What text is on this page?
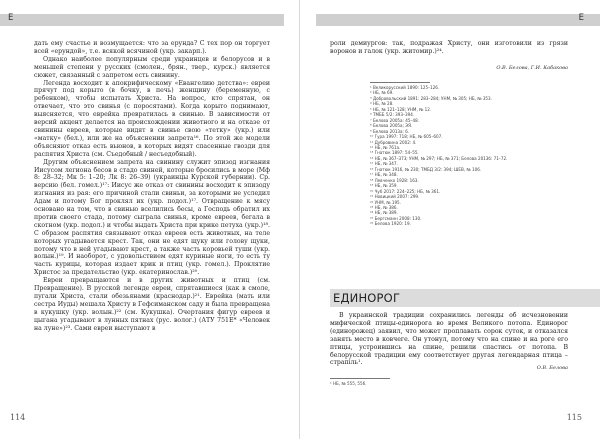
Е

дать ему счастье и возмущается: что за ерунда? С тех пор он торгует всей «ерундой», т.е. всякой всячиной (укр. закарп.).

Однако наиболее популярным среди украинцев и белорусов и в меньшей степени у русских (смолен., брян., твер., курск.) является сюжет, связанный с запретом есть свинину.

Легенда восходит к апокрифическому «Евангелию детства»: евреи прячут под корыто (в бочку, в печь) женщину (беременную, с ребенком), чтобы испытать Христа. На вопрос, кто спрятан, он отвечает, что это свинья (с поросятами). Когда корыто поднимают, выясняется, что еврейка превратилась в свинью. В зависимости от версий акцент делается на происхождении животного и на отказе от свинины евреев, которые видят в свинье свою «тетку» (укр.) или «матку» (бел.), или же на объяснении запрета¹⁶. По этой же модели объясняют отказ есть вьюнов, в которых видят спасенные гвозди для распятия Христа (см. Съедобный / несъедобный).

Другим объяснением запрета на свинину служит эпизод изгнания Иисусом легиона бесов в стадо свиней, которые бросились в море (Мф 8: 28–32; Мк 5: 1–20; Лк 8: 26–39) (украинцы Курской губернии). Ср. версию (бел. гомел.)¹⁷: Иисус же отказ от свинины восходит к эпизоду изгнания из рая: его причиной стали свиньи, за которыми не уследил Адам и потому Бог проклял их (укр. подол.)¹⁷. Отвращение к мясу основано на том, что в свинью вселились бесы, а Господь обратил их против своего стада, потому сыграла свинья, кроме евреев, бегала в скотном (укр. подол.) и чтобы выдать Христа при крике петуха (укр.)¹⁸. С образом распятия связывают отказ евреев есть животных, на теле которых угадывается крест. Так, они не едят щуку или голову щуки, потому что в ней угадывают крест, а также часть коровьей туши (укр. волын.)¹⁹. И наоборот, с удовольствием едят куриные ноги, то есть ту часть курицы, которая издает крик и птиц (укр. гомел.). Проклятие Христос за предательство (укр. екатеринослав.)²⁰.

Евреи превращаются и в других животных и птиц (см. Превращение). В русской легенде евреи, спрятавшиеся (как в смоле, пугали Христа, стали обезьянами (краснодар.)²¹. Еврейка (мать или сестра Иуды) мешала Христу в Гефсиманском саду и была превращена в кукушку (укр. волын.)²² (см. Кукушка). Очертания фигур евреев и цыгана угадывают в лунных пятнах (рус. волог.) (АТУ 751Е* «Человек на луне»)²³. Сами евреи выступают в

114
Е

роли демиургов: так, подражая Христу, они изготовили из грязи воронов и галок (укр. житомир.)²⁴.

О.В. Белова, Г.И. Кабакова
¹ Великорусский 1890: 125–126.
² НБ, № 69.
³ Добровольский 1891: 283–284; УНМ, № 305; НБ, № 353.
⁴ НБ, № 28.
⁵ НБ, № 121–128; УНМ, № 12.
⁶ ТМББ 5/2: 393–394.
⁷ Белова 2005а: 45–48.
⁸ Белова 2005а; ЭЯ.
⁹ Белова 2013а: 6.
¹⁰ Гура 1997: 718; НБ, № 605–607.
¹¹ Дубровина 2002: 4.
¹² НБ, № 761а.
¹³ Гнатюк 1897: 54–55.
¹⁴ НБ, № 367–373; УНМ, № 297; НБ, № 371; Белова 2013б: 71–72.
¹⁵ НБ, № 347.
¹⁶ Гнатюк 1916, № 230; ТМБД 3/2: 394; ШЕВ, № 106.
¹⁷ НБ, № 348.
¹⁸ Левченко 1928: 163.
¹⁹ НБ, № 359.
²⁰ Чуб 2017: 224–225; НБ, № 361.
²¹ Новицкий 2007: 299.
²² УНМ, № 195.
²³ НБ, № 386.
²⁴ НБ, № 389.
²⁵ Бергсманн 2008: 130.
²⁶ Белова 1920: 19.
ЕДИНОРОГ

В украинской традиции сохранились легенды об исчезновении мифической птицы-единорога во время Великого потопа. Единорог (единорожец) заявил, что может проплавать сорок суток, и отказался занять место в ковчеге. Он утонул, потому что на спине и на роге его птицы, устроившись на спине, решили спастись от потопа. В белорусской традиции ему соответствует другая легендарная птица – страпіль¹.

О.В. Белова
¹ НБ, № 555, 556.
115
